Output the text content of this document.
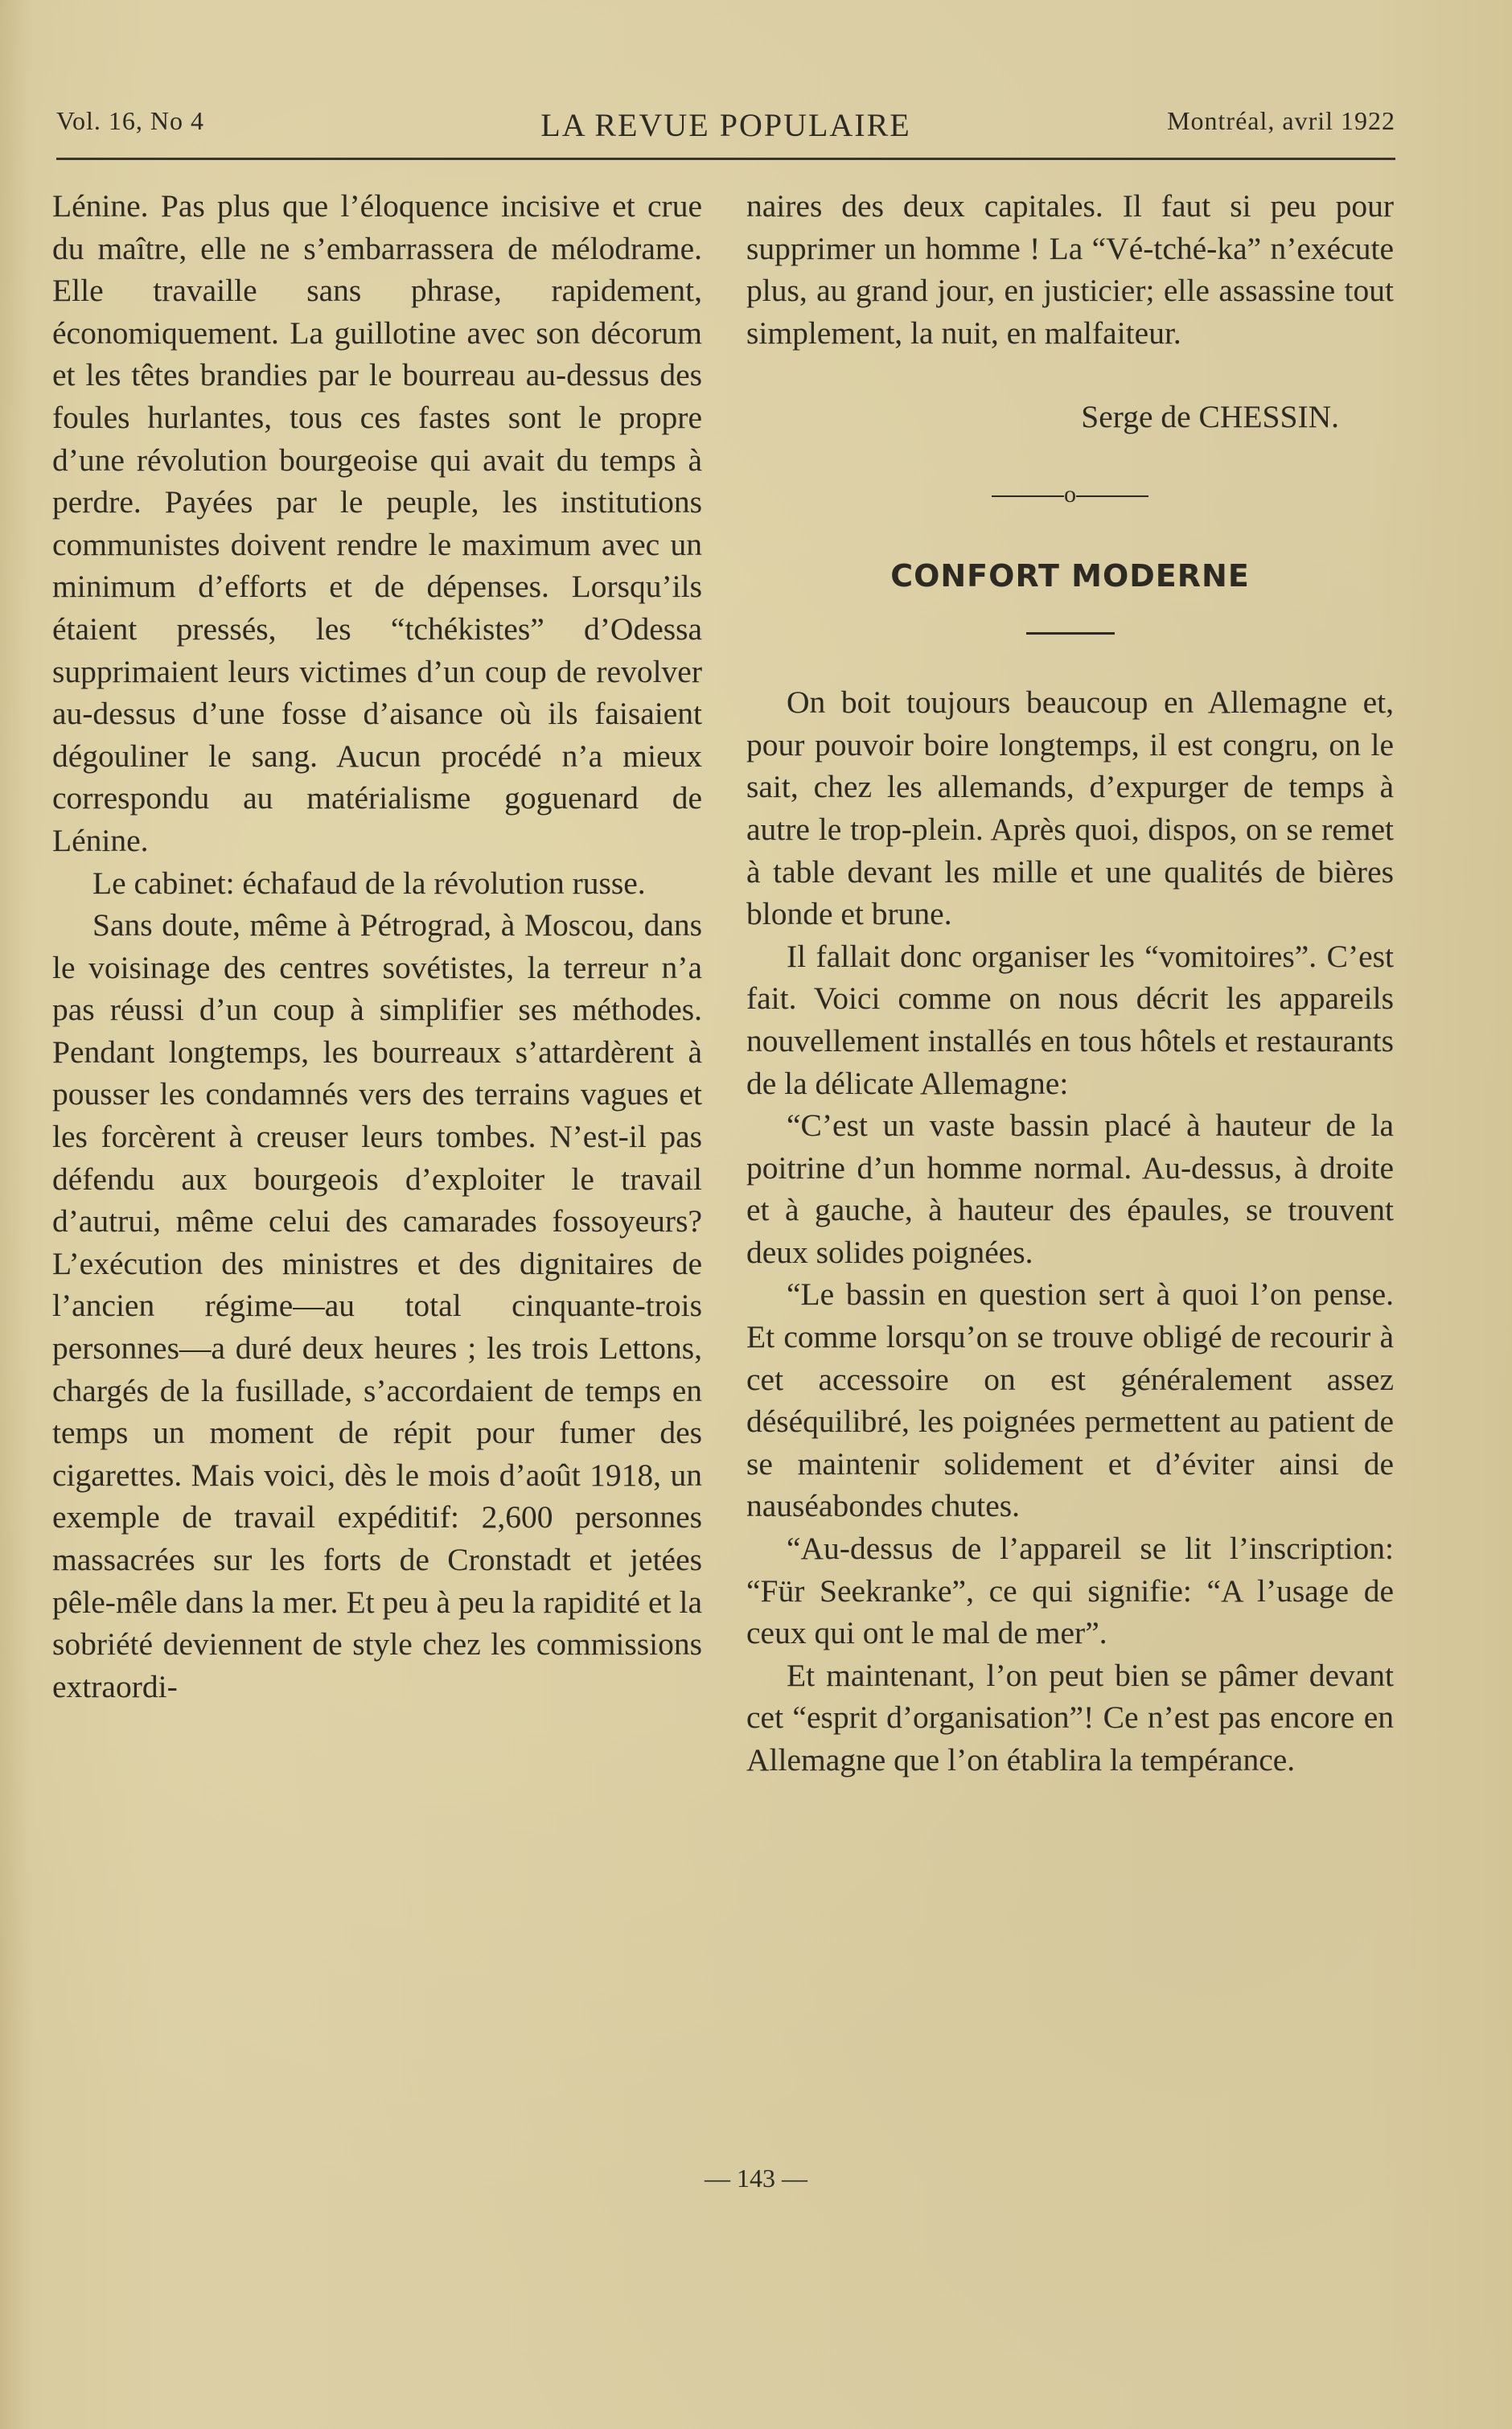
LA REVUE POPULAIRE
Vol. 16, No 4	Montréal, avril 1922

Lénine. Pas plus que l’éloquence incisive et crue du maître, elle ne s’embarrassera de mélodrame. Elle travaille sans phrase, rapidement, économiquement. La guillotine avec son décorum et les têtes brandies par le bourreau au-dessus des foules hurlantes, tous ces fastes sont le propre d’une révolution bourgeoise qui avait du temps à perdre. Payées par le peuple, les institutions communistes doivent rendre le maximum avec un minimum d’efforts et de dépenses. Lorsqu’ils étaient pressés, les “tchékistes” d’Odessa supprimaient leurs victimes d’un coup de revolver au-dessus d’une fosse d’aisance où ils faisaient dégouliner le sang. Aucun procédé n’a mieux correspondu au matérialisme goguenard de Lénine.

Le cabinet: échafaud de la révolution russe.

Sans doute, même à Pétrograd, à Moscou, dans le voisinage des centres sovétistes, la terreur n’a pas réussi d’un coup à simplifier ses méthodes. Pendant longtemps, les bourreaux s’attardèrent à pousser les condamnés vers des terrains vagues et les forcèrent à creuser leurs tombes. N’est-il pas défendu aux bourgeois d’exploiter le travail d’autrui, même celui des camarades fossoyeurs? L’exécution des ministres et des dignitaires de l’ancien régime—au total cinquante-trois personnes—a duré deux heures ; les trois Lettons, chargés de la fusillade, s’accordaient de temps en temps un moment de répit pour fumer des cigarettes. Mais voici, dès le mois d’août 1918, un exemple de travail expéditif: 2,600 personnes massacrées sur les forts de Cronstadt et jetées pêle-mêle dans la mer. Et peu à peu la rapidité et la sobriété deviennent de style chez les commissions extraordi-

naires des deux capitales. Il faut si peu pour supprimer un homme ! La “Vé-tché-ka” n’exécute plus, au grand jour, en justicier; elle assassine tout simplement, la nuit, en malfaiteur.

Serge de CHESSIN.

o

CONFORT MODERNE

On boit toujours beaucoup en Allemagne et, pour pouvoir boire longtemps, il est congru, on le sait, chez les allemands, d’expurger de temps à autre le trop-plein. Après quoi, dispos, on se remet à table devant les mille et une qualités de bières blonde et brune.

Il fallait donc organiser les “vomitoires”. C’est fait. Voici comme on nous décrit les appareils nouvellement installés en tous hôtels et restaurants de la délicate Allemagne:

“C’est un vaste bassin placé à hauteur de la poitrine d’un homme normal. Au-dessus, à droite et à gauche, à hauteur des épaules, se trouvent deux solides poignées.

“Le bassin en question sert à quoi l’on pense. Et comme lorsqu’on se trouve obligé de recourir à cet accessoire on est généralement assez déséquilibré, les poignées permettent au patient de se maintenir solidement et d’éviter ainsi de nauséabondes chutes.

“Au-dessus de l’appareil se lit l’inscription: “Für Seekranke”, ce qui signifie: “A l’usage de ceux qui ont le mal de mer”.

Et maintenant, l’on peut bien se pâmer devant cet “esprit d’organisation”! Ce n’est pas encore en Allemagne que l’on établira la tempérance.

— 143 —
